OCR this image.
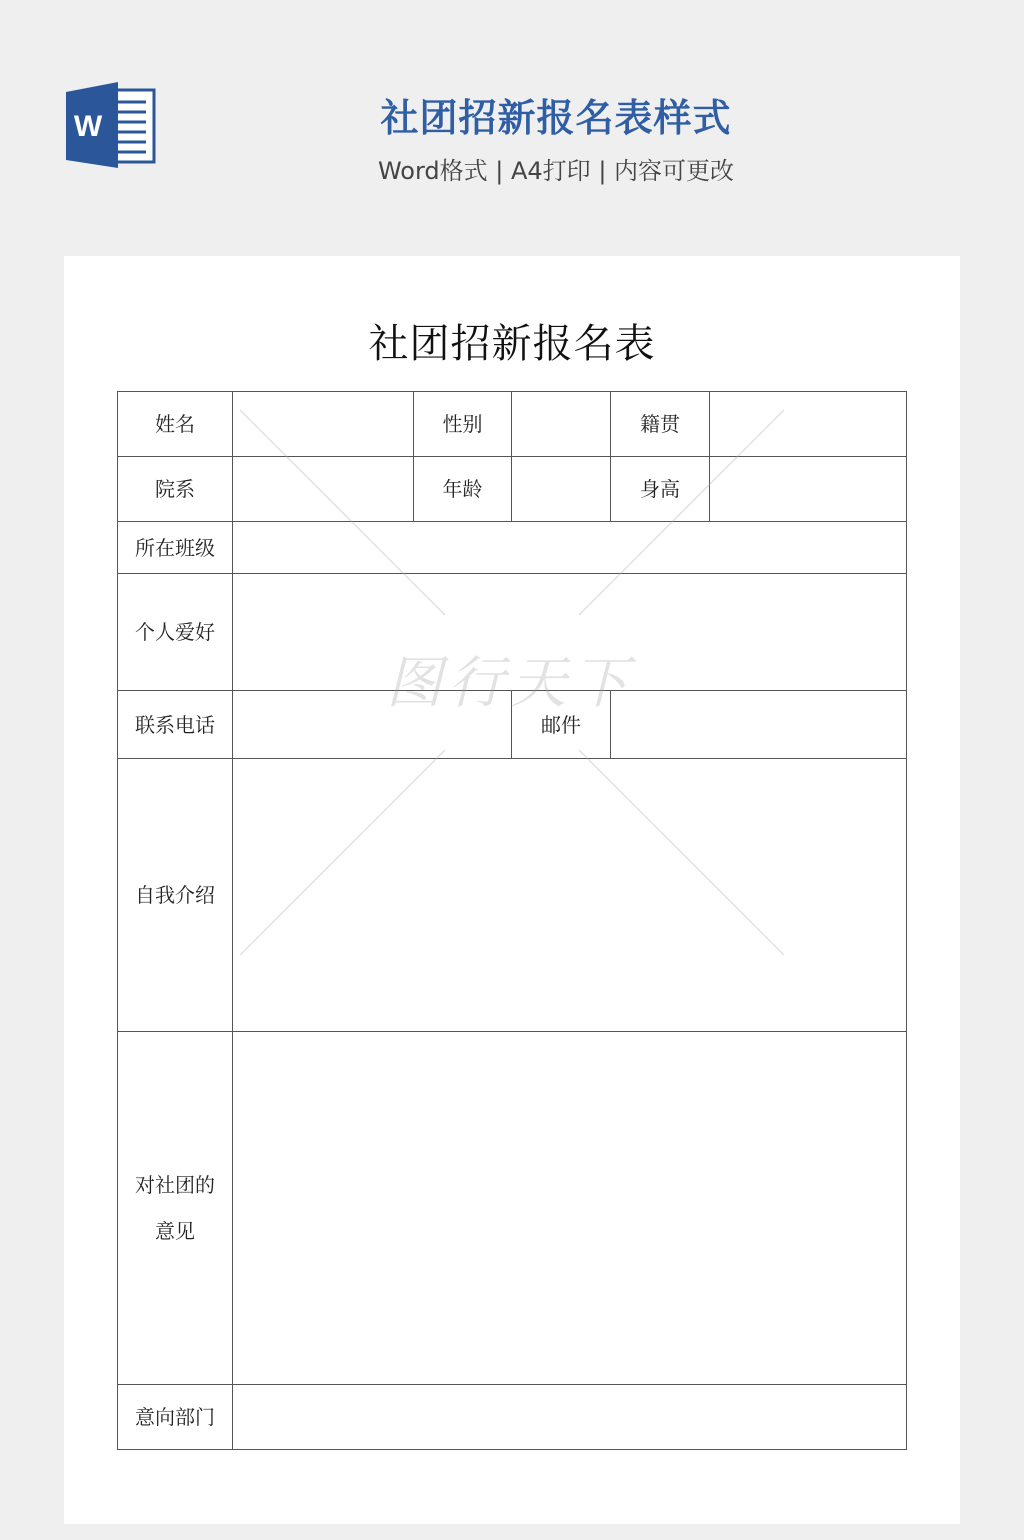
W	社团招新报名表样式
Word格式 | A4打印 | 内容可更改
社团招新报名表
姓名	性别	籍贯
院系	年龄	身高
所在班级
个人爱好
联系电话	邮件
自我介绍
对社团的
意见
意向部门
图行天下
